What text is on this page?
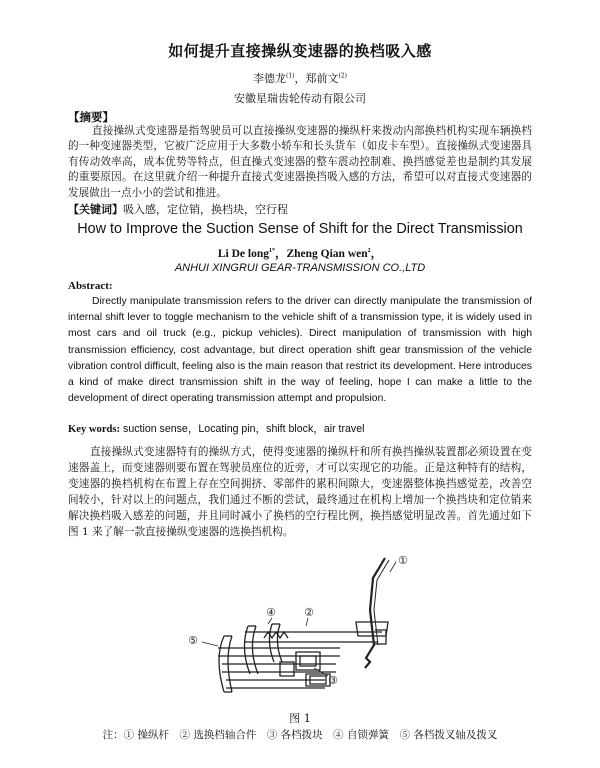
如何提升直接操纵变速器的换档吸入感
李德龙$^{(1)}$，郑前文$^{(2)}$
安徽星瑞齿轮传动有限公司
【摘要】
直接操纵式变速器是指驾驶员可以直接操纵变速器的操纵杆来拨动内部换档机构实现车辆换档的一种变速器类型，它被广泛应用于大多数小轿车和长头货车（如皮卡车型）。直接操纵式变速器具有传动效率高，成本优势等特点，但直操式变速器的整车震动控制难、换挡感觉差也是制约其发展的重要原因。在这里就介绍一种提升直接式变速器换挡吸入感的方法，希望可以对直接式变速器的发展做出一点小小的尝试和推进。
【关键词】吸入感，定位销，换档块，空行程
How to Improve the Suction Sense of Shift for the Direct Transmission
Li De long$^{1*}$，Zheng Qian wen$^2$，
ANHUI XINGRUI GEAR-TRANSMISSION CO.,LTD
Abstract:
Directly manipulate transmission refers to the driver can directly manipulate the transmission of internal shift lever to toggle mechanism to the vehicle shift of a transmission type, it is widely used in most cars and oil truck (e.g., pickup vehicles). Direct manipulation of transmission with high transmission efficiency, cost advantage, but direct operation shift gear transmission of the vehicle vibration control difficult, feeling also is the main reason that restrict its development. Here introduces a kind of make direct transmission shift in the way of feeling, hope I can make a little to the development of direct operating transmission attempt and propulsion.
Key words: suction sense，Locating pin，shift block，air travel
直接操纵式变速器特有的操纵方式，使得变速器的操纵杆和所有换挡操纵装置都必须设置在变速器盖上，而变速器则要布置在驾驶员座位的近旁，才可以实现它的功能。正是这种特有的结构，变速器的换档机构在布置上存在空间拥挤、零部件的累积间隙大，变速器整体换挡感觉差，改善空间较小，针对以上的问题点，我们通过不断的尝试，最终通过在机构上增加一个换挡块和定位销来解决换档吸入感差的问题，并且同时减小了换档的空行程比例，换挡感觉明显改善。首先通过如下图 1 来了解一款直接操纵变速器的选换挡机构。
①
②
③
④
⑤
图 1
注：① 操纵杆　② 选换档轴合件　③ 各档拨块　④ 自锁弹簧　⑤ 各档拨叉轴及拨叉
